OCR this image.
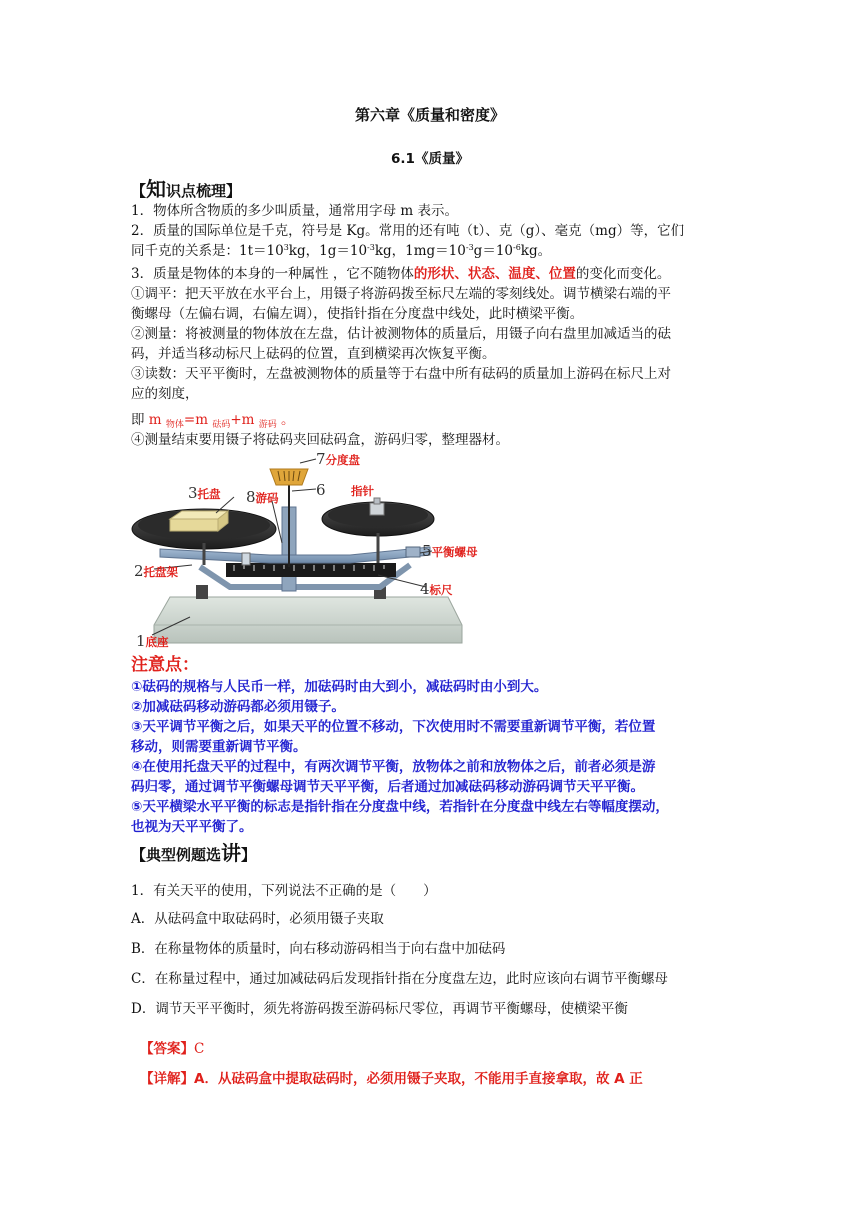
第六章《质量和密度》
6.1《质量》
【知识点梳理】
1．物体所含物质的多少叫质量，通常用字母 m 表示。
2．质量的国际单位是千克，符号是 Kg。常用的还有吨（t）、克（g）、毫克（mg）等，它们
同千克的关系是：$1t=10^3kg$，$1g=10^{-3}kg$，$1mg=10^{-3}g=10^{-6}kg$。
3．质量是物体的本身的一种属性 ，它不随物体的形状、状态、温度、位置的变化而变化。
①调平：把天平放在水平台上，用镊子将游码拨至标尺左端的零刻线处。调节横梁右端的平
衡螺母（左偏右调，右偏左调），使指针指在分度盘中线处，此时横梁平衡。
②测量：将被测量的物体放在左盘，估计被测物体的质量后，用镊子向右盘里加减适当的砝
码，并适当移动标尺上砝码的位置，直到横梁再次恢复平衡。
③读数：天平平衡时，左盘被测物体的质量等于右盘中所有砝码的质量加上游码在标尺上对
应的刻度，
即 m $_{物体}$=m $_{砝码}$+m $_{游码}$ 。
④测量结束要用镊子将砝码夹回砝码盒，游码归零，整理器材。
7分度盘
6 指针
3托盘 8游码
5平衡螺母
2托盘架
4标尺
1底座
注意点：
①砝码的规格与人民币一样，加砝码时由大到小，减砝码时由小到大。
②加减砝码移动游码都必须用镊子。
③天平调节平衡之后，如果天平的位置不移动，下次使用时不需要重新调节平衡，若位置
移动，则需要重新调节平衡。
④在使用托盘天平的过程中，有两次调节平衡，放物体之前和放物体之后，前者必须是游
码归零，通过调节平衡螺母调节天平平衡，后者通过加减砝码移动游码调节天平平衡。
⑤天平横梁水平平衡的标志是指针指在分度盘中线，若指针在分度盘中线左右等幅度摆动，
也视为天平平衡了。
【典型例题选讲】
1．有关天平的使用，下列说法不正确的是（　　）
A．从砝码盒中取砝码时，必须用镊子夹取
B．在称量物体的质量时，向右移动游码相当于向右盘中加砝码
C．在称量过程中，通过加减砝码后发现指针指在分度盘左边，此时应该向右调节平衡螺母
D．调节天平平衡时，须先将游码拨至游码标尺零位，再调节平衡螺母，使横梁平衡
【答案】C
【详解】A．从砝码盒中提取砝码时，必须用镊子夹取，不能用手直接拿取，故 A 正
